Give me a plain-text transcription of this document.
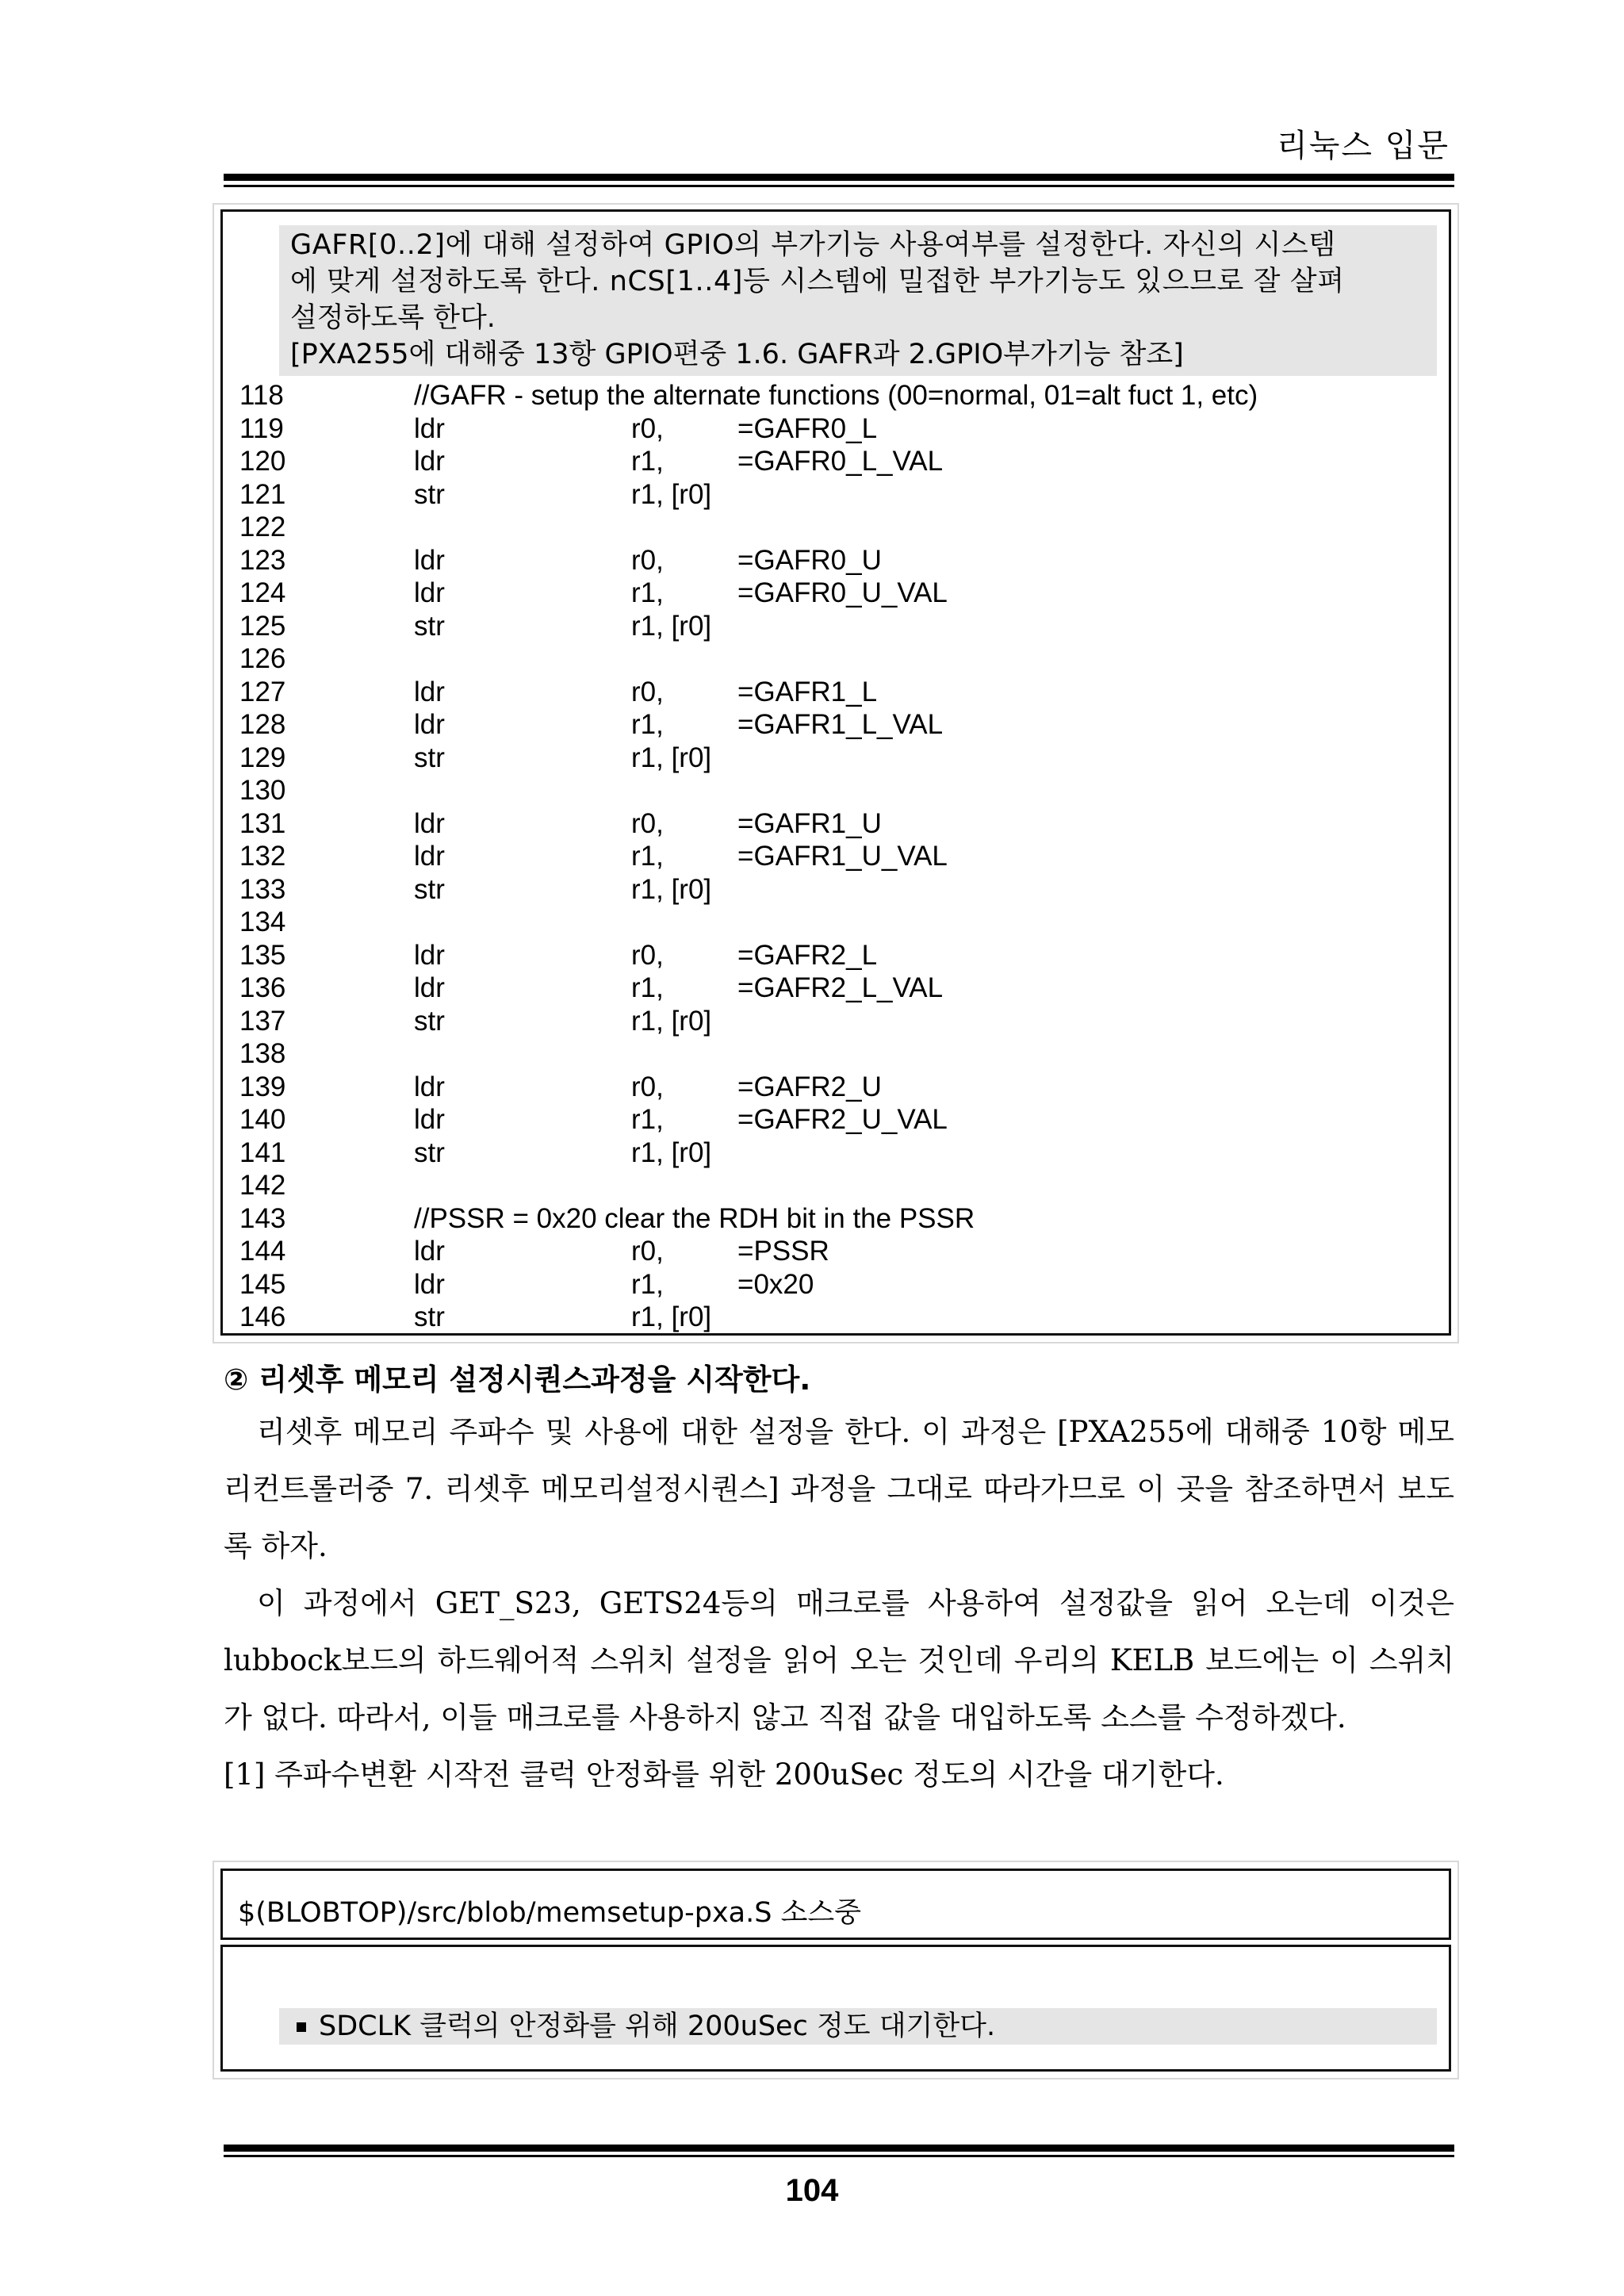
리눅스 입문
GAFR[0..2]에 대해 설정하여 GPIO의 부가기능 사용여부를 설정한다. 자신의 시스템
에 맞게 설정하도록 한다. nCS[1..4]등 시스템에 밀접한 부가기능도 있으므로 잘 살펴
설정하도록 한다.
[PXA255에 대해중 13항 GPIO편중 1.6. GAFR과 2.GPIO부가기능 참조]
118	//GAFR - setup the alternate functions (00=normal, 01=alt fuct 1, etc)
119	ldr	r0,	=GAFR0_L
120	ldr	r1,	=GAFR0_L_VAL
121	str	r1, [r0]
122
123	ldr	r0,	=GAFR0_U
124	ldr	r1,	=GAFR0_U_VAL
125	str	r1, [r0]
126
127	ldr	r0,	=GAFR1_L
128	ldr	r1,	=GAFR1_L_VAL
129	str	r1, [r0]
130
131	ldr	r0,	=GAFR1_U
132	ldr	r1,	=GAFR1_U_VAL
133	str	r1, [r0]
134
135	ldr	r0,	=GAFR2_L
136	ldr	r1,	=GAFR2_L_VAL
137	str	r1, [r0]
138
139	ldr	r0,	=GAFR2_U
140	ldr	r1,	=GAFR2_U_VAL
141	str	r1, [r0]
142
143	//PSSR = 0x20 clear the RDH bit in the PSSR
144	ldr	r0,	=PSSR
145	ldr	r1,	=0x20
146	str	r1, [r0]
② 리셋후 메모리 설정시퀀스과정을 시작한다.
리셋후 메모리 주파수 및 사용에 대한 설정을 한다. 이 과정은 [PXA255에 대해중 10항 메모리컨트롤러중 7. 리셋후 메모리설정시퀀스] 과정을 그대로 따라가므로 이 곳을 참조하면서 보도록 하자.
이 과정에서 GET_S23, GETS24등의 매크로를 사용하여 설정값을 읽어 오는데 이것은 lubbock보드의 하드웨어적 스위치 설정을 읽어 오는 것인데 우리의 KELB 보드에는 이 스위치가 없다. 따라서, 이들 매크로를 사용하지 않고 직접 값을 대입하도록 소스를 수정하겠다.
[1] 주파수변환 시작전 클럭 안정화를 위한 200uSec 정도의 시간을 대기한다.
$(BLOBTOP)/src/blob/memsetup-pxa.S 소스중
SDCLK 클럭의 안정화를 위해 200uSec 정도 대기한다.
104
